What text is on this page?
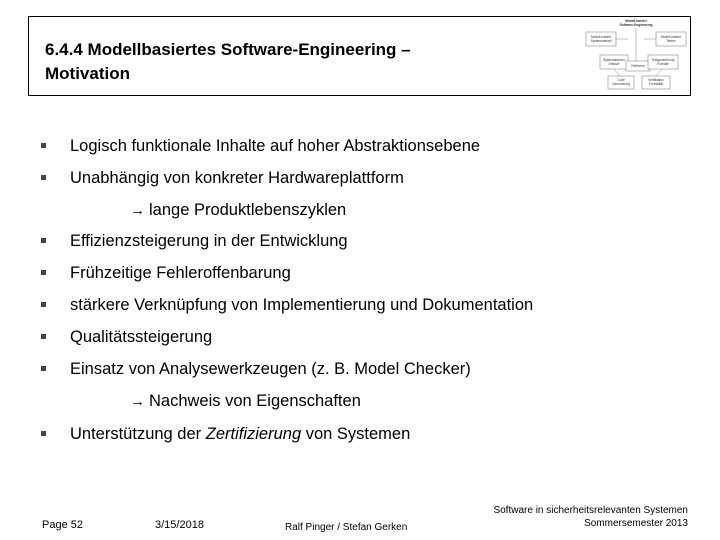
6.4.4 Modellbasiertes Software-Engineering –
Motivation
Modell-basiert
Software-Engineering
Modell-basiert
Systementwurf
Modell-basiert
Testen
Systematischer
Entwurf	Reflexion
Testgenerierung
Formale
Code
Generierung
Verifikation
Formalität
Logisch funktionale Inhalte auf hoher Abstraktionsebene
Unabhängig von konkreter Hardwareplattform
→ lange Produktlebenszyklen
Effizienzsteigerung in der Entwicklung
Frühzeitige Fehleroffenbarung
stärkere Verknüpfung von Implementierung und Dokumentation
Qualitätssteigerung
Einsatz von Analysewerkzeugen (z. B. Model Checker)
→ Nachweis von Eigenschaften
Unterstützung der Zertifizierung von Systemen
Page 52	3/15/2018	Ralf Pinger / Stefan Gerken
Software in sicherheitsrelevanten Systemen
Sommersemester 2013
